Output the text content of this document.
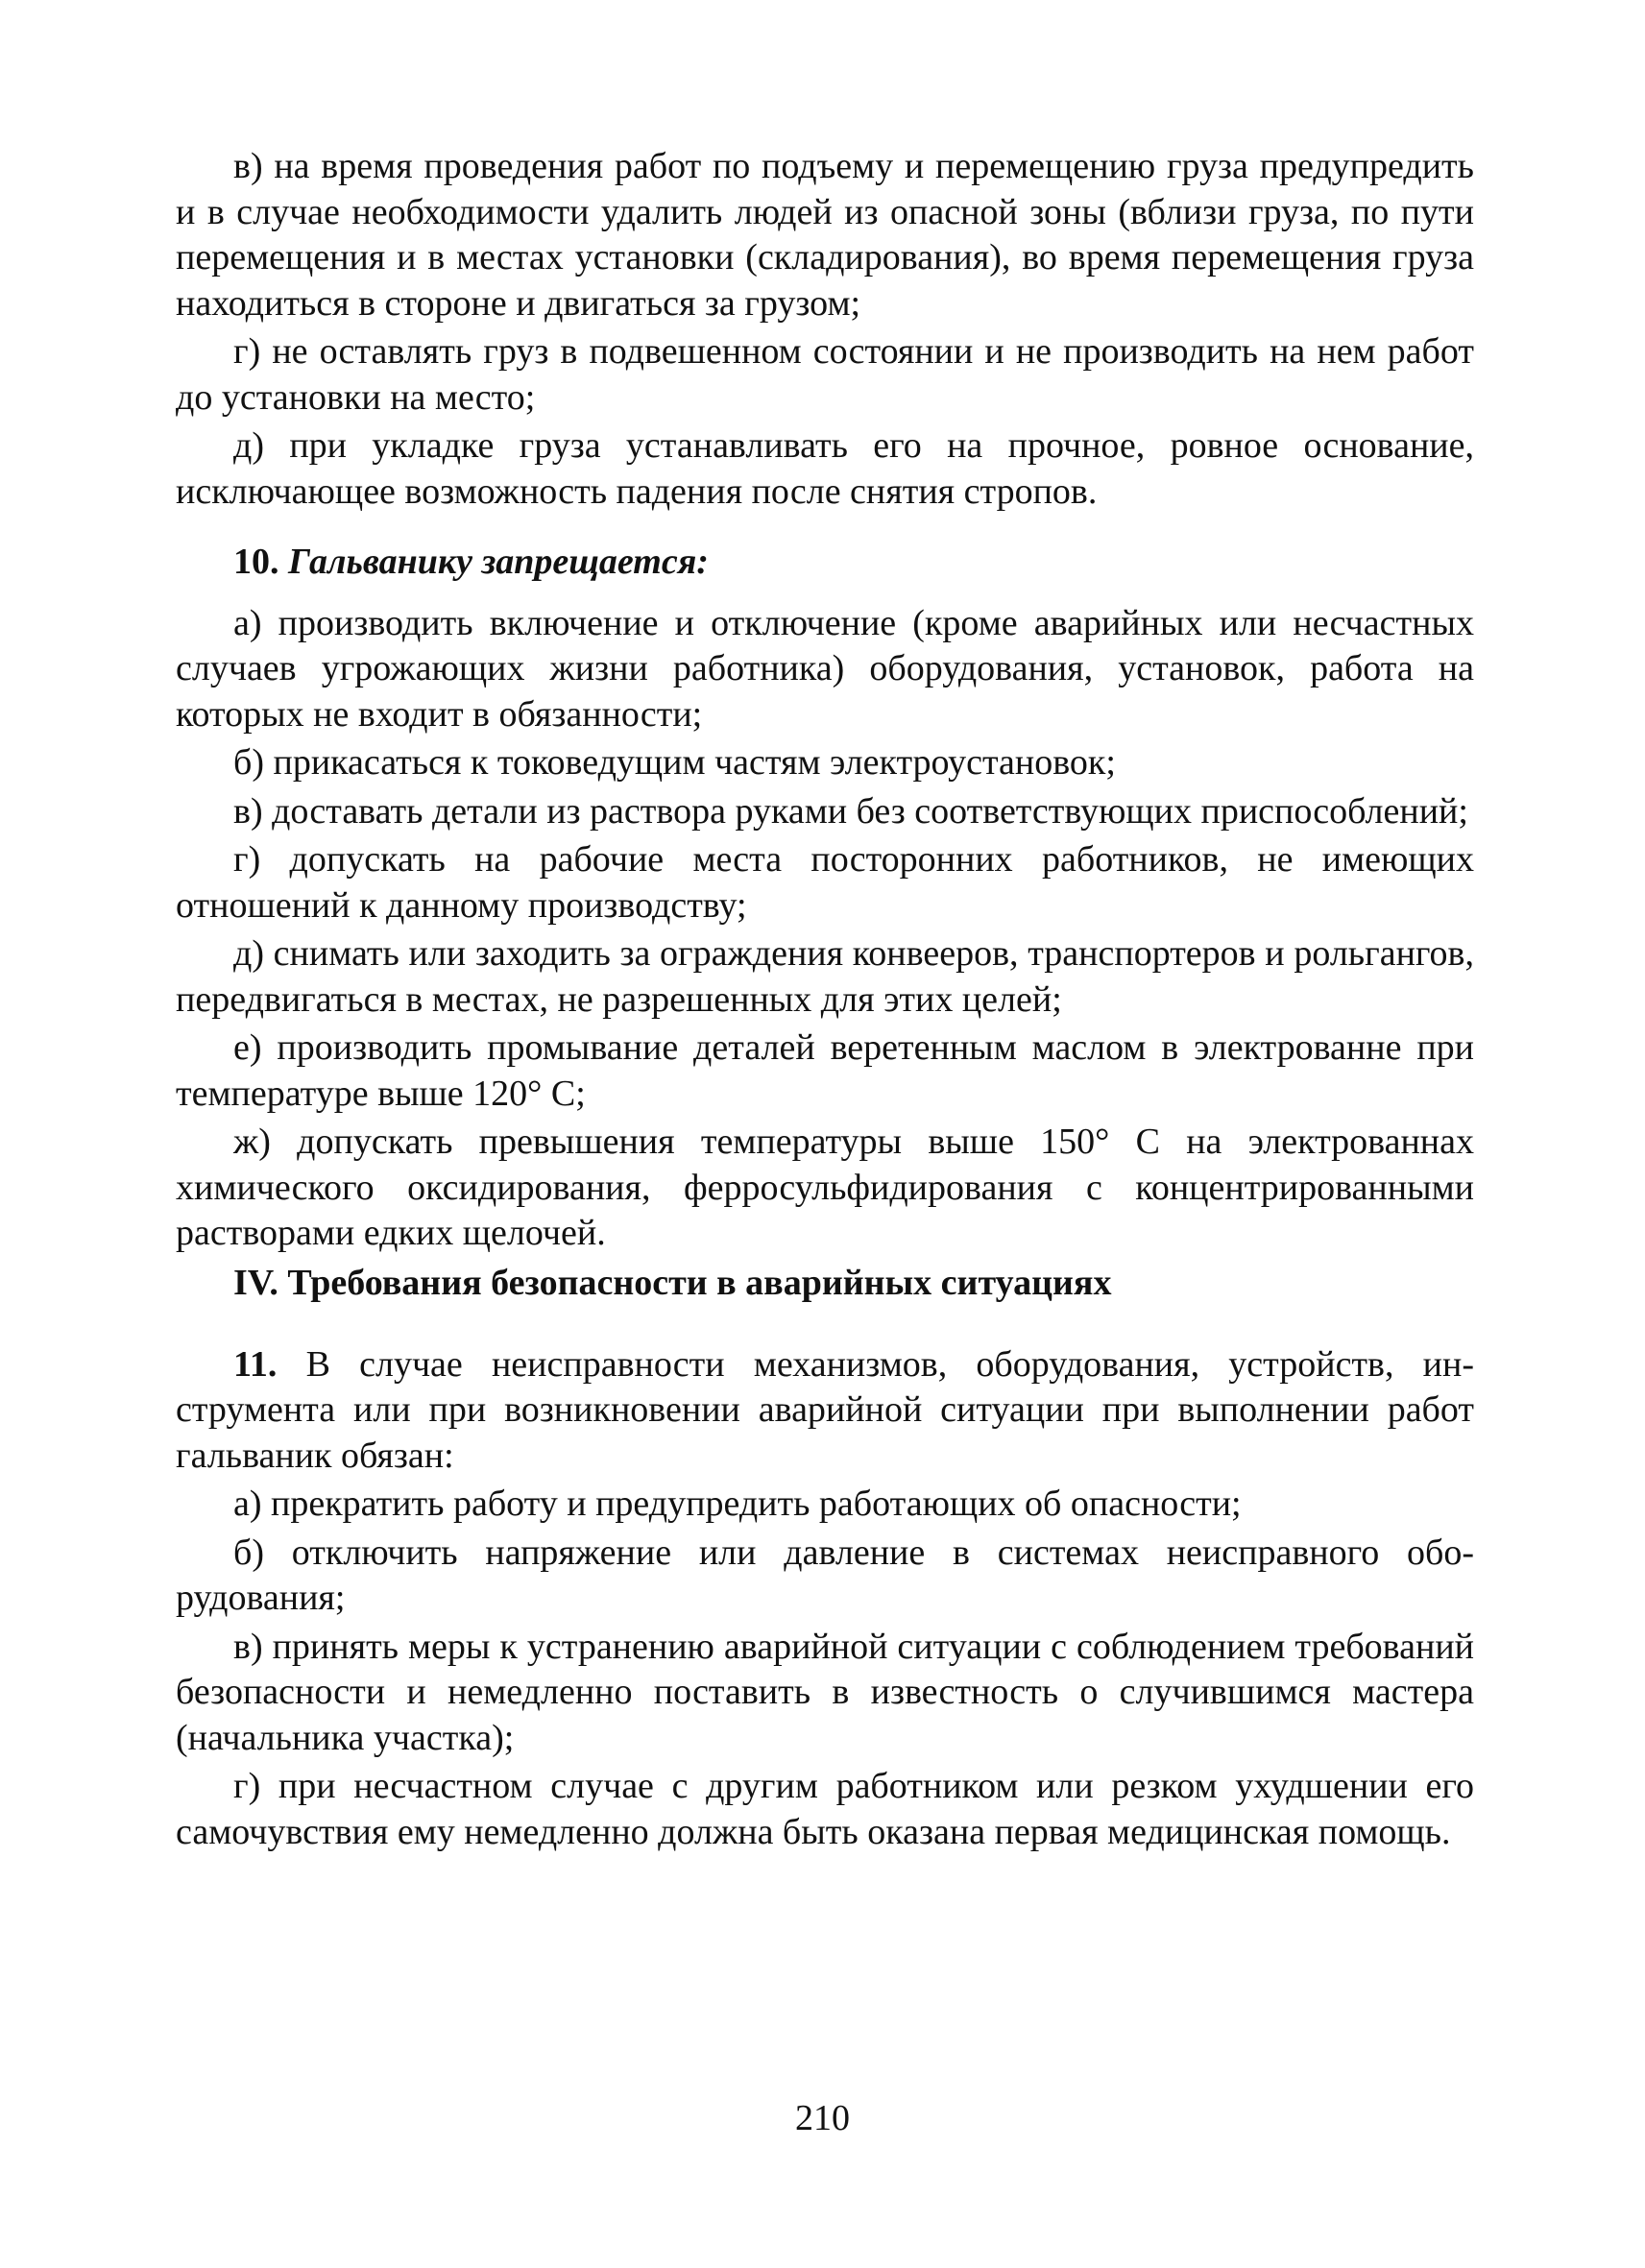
в) на время проведения работ по подъему и перемещению груза предупредить и в случае необходимости удалить людей из опасной зоны (вблизи груза, по пути перемещения и в местах установки (складирования), во время перемещения груза находиться в стороне и двигаться за грузом;

г) не оставлять груз в подвешенном состоянии и не производить на нем работ до установки на место;

д) при укладке груза устанавливать его на прочное, ровное основание, исключающее возможность падения после снятия стропов.

10. Гальванику запрещается:

а) производить включение и отключение (кроме аварийных или несчастных случаев угрожающих жизни работника) оборудования, установок, работа на которых не входит в обязанности;

б) прикасаться к токоведущим частям электроустановок;

в) доставать детали из раствора руками без соответствующих приспособлений;

г) допускать на рабочие места посторонних работников, не имеющих отношений к данному производству;

д) снимать или заходить за ограждения конвееров, транспортеров и рольгангов, передвигаться в местах, не разрешенных для этих целей;

е) производить промывание деталей веретенным маслом в электрованне при температуре выше 120° С;

ж) допускать превышения температуры выше 150° С на электрованнах химического оксидирования, ферросульфидирования с концентрированными растворами едких щелочей.

IV. Требования безопасности в аварийных ситуациях

11. В случае неисправности механизмов, оборудования, устройств, инструмента или при возникновении аварийной ситуации при выполнении работ гальваник обязан:

а) прекратить работу и предупредить работающих об опасности;

б) отключить напряжение или давление в системах неисправного оборудования;

в) принять меры к устранению аварийной ситуации с соблюдением требований безопасности и немедленно поставить в известность о случившимся мастера (начальника участка);

г) при несчастном случае с другим работником или резком ухудшении его самочувствия ему немедленно должна быть оказана первая медицинская помощь.

210
